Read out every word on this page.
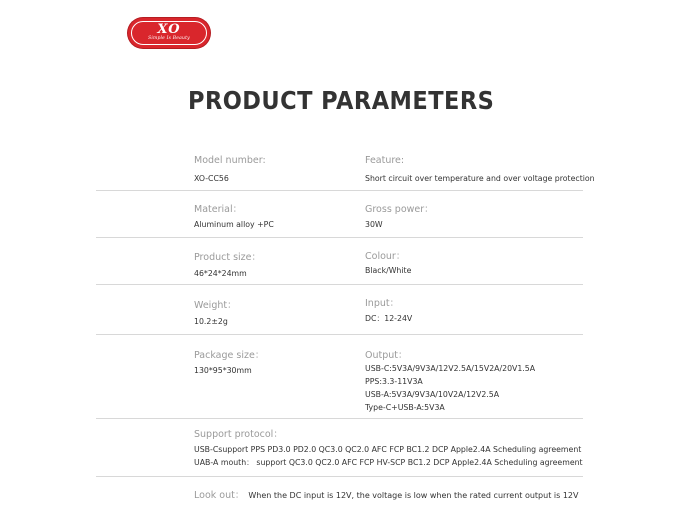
XO
Simple Is Beauty
PRODUCT PARAMETERS
Model number:
XO-CC56
Feature:
Short circuit over temperature and over voltage protection
Material：
Aluminum alloy +PC
Gross power：
30W
Product size：
46*24*24mm
Colour：
Black/White
Weight：
10.2±2g
Input：
DC：12-24V
Package size：
130*95*30mm
Output：
USB-C:5V3A/9V3A/12V2.5A/15V2A/20V1.5A
PPS:3.3-11V3A
USB-A:5V3A/9V3A/10V2A/12V2.5A
Type-C+USB-A:5V3A
Support protocol：
USB-Csupport PPS PD3.0 PD2.0 QC3.0 QC2.0 AFC FCP BC1.2 DCP Apple2.4A Scheduling agreement
UAB-A mouth： support QC3.0 QC2.0 AFC FCP HV-SCP BC1.2 DCP Apple2.4A Scheduling agreement
Look out： When the DC input is 12V, the voltage is low when the rated current output is 12V
